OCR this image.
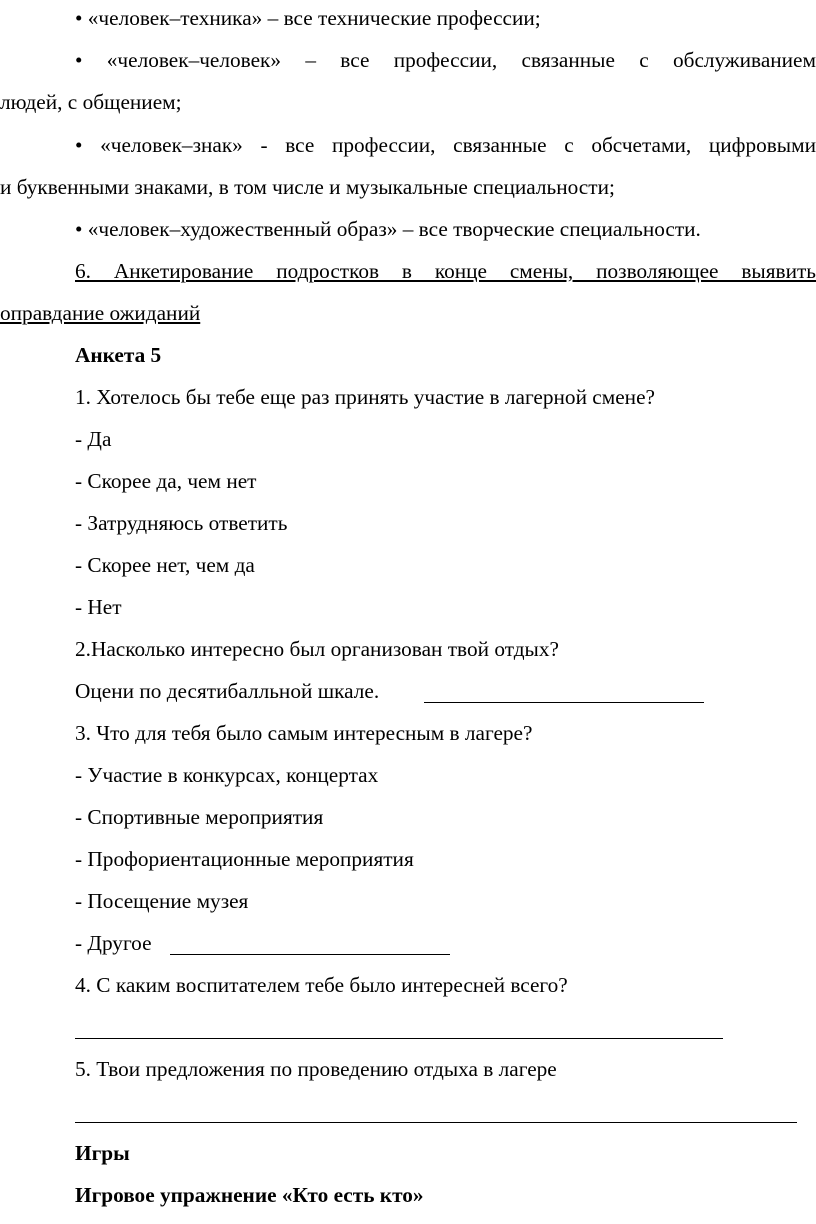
• «человек–техника» – все технические профессии;
• «человек–человек» – все профессии, связанные с обслуживанием
людей, с общением;
• «человек–знак» - все профессии, связанные с обсчетами, цифровыми
и буквенными знаками, в том числе и музыкальные специальности;
• «человек–художественный образ» – все творческие специальности.
6. Анкетирование подростков в конце смены, позволяющее выявить
оправдание ожиданий
Анкета 5
1. Хотелось бы тебе еще раз принять участие в лагерной смене?
- Да
- Скорее да, чем нет
- Затрудняюсь ответить
- Скорее нет, чем да
- Нет
2.Насколько интересно был организован твой отдых?
Оцени по десятибалльной шкале.
3. Что для тебя было самым интересным в лагере?
- Участие в конкурсах, концертах
- Спортивные мероприятия
- Профориентационные мероприятия
- Посещение музея
- Другое
4. С каким воспитателем тебе было интересней всего?
5. Твои предложения по проведению отдыха в лагере
Игры
Игровое упражнение «Кто есть кто»
